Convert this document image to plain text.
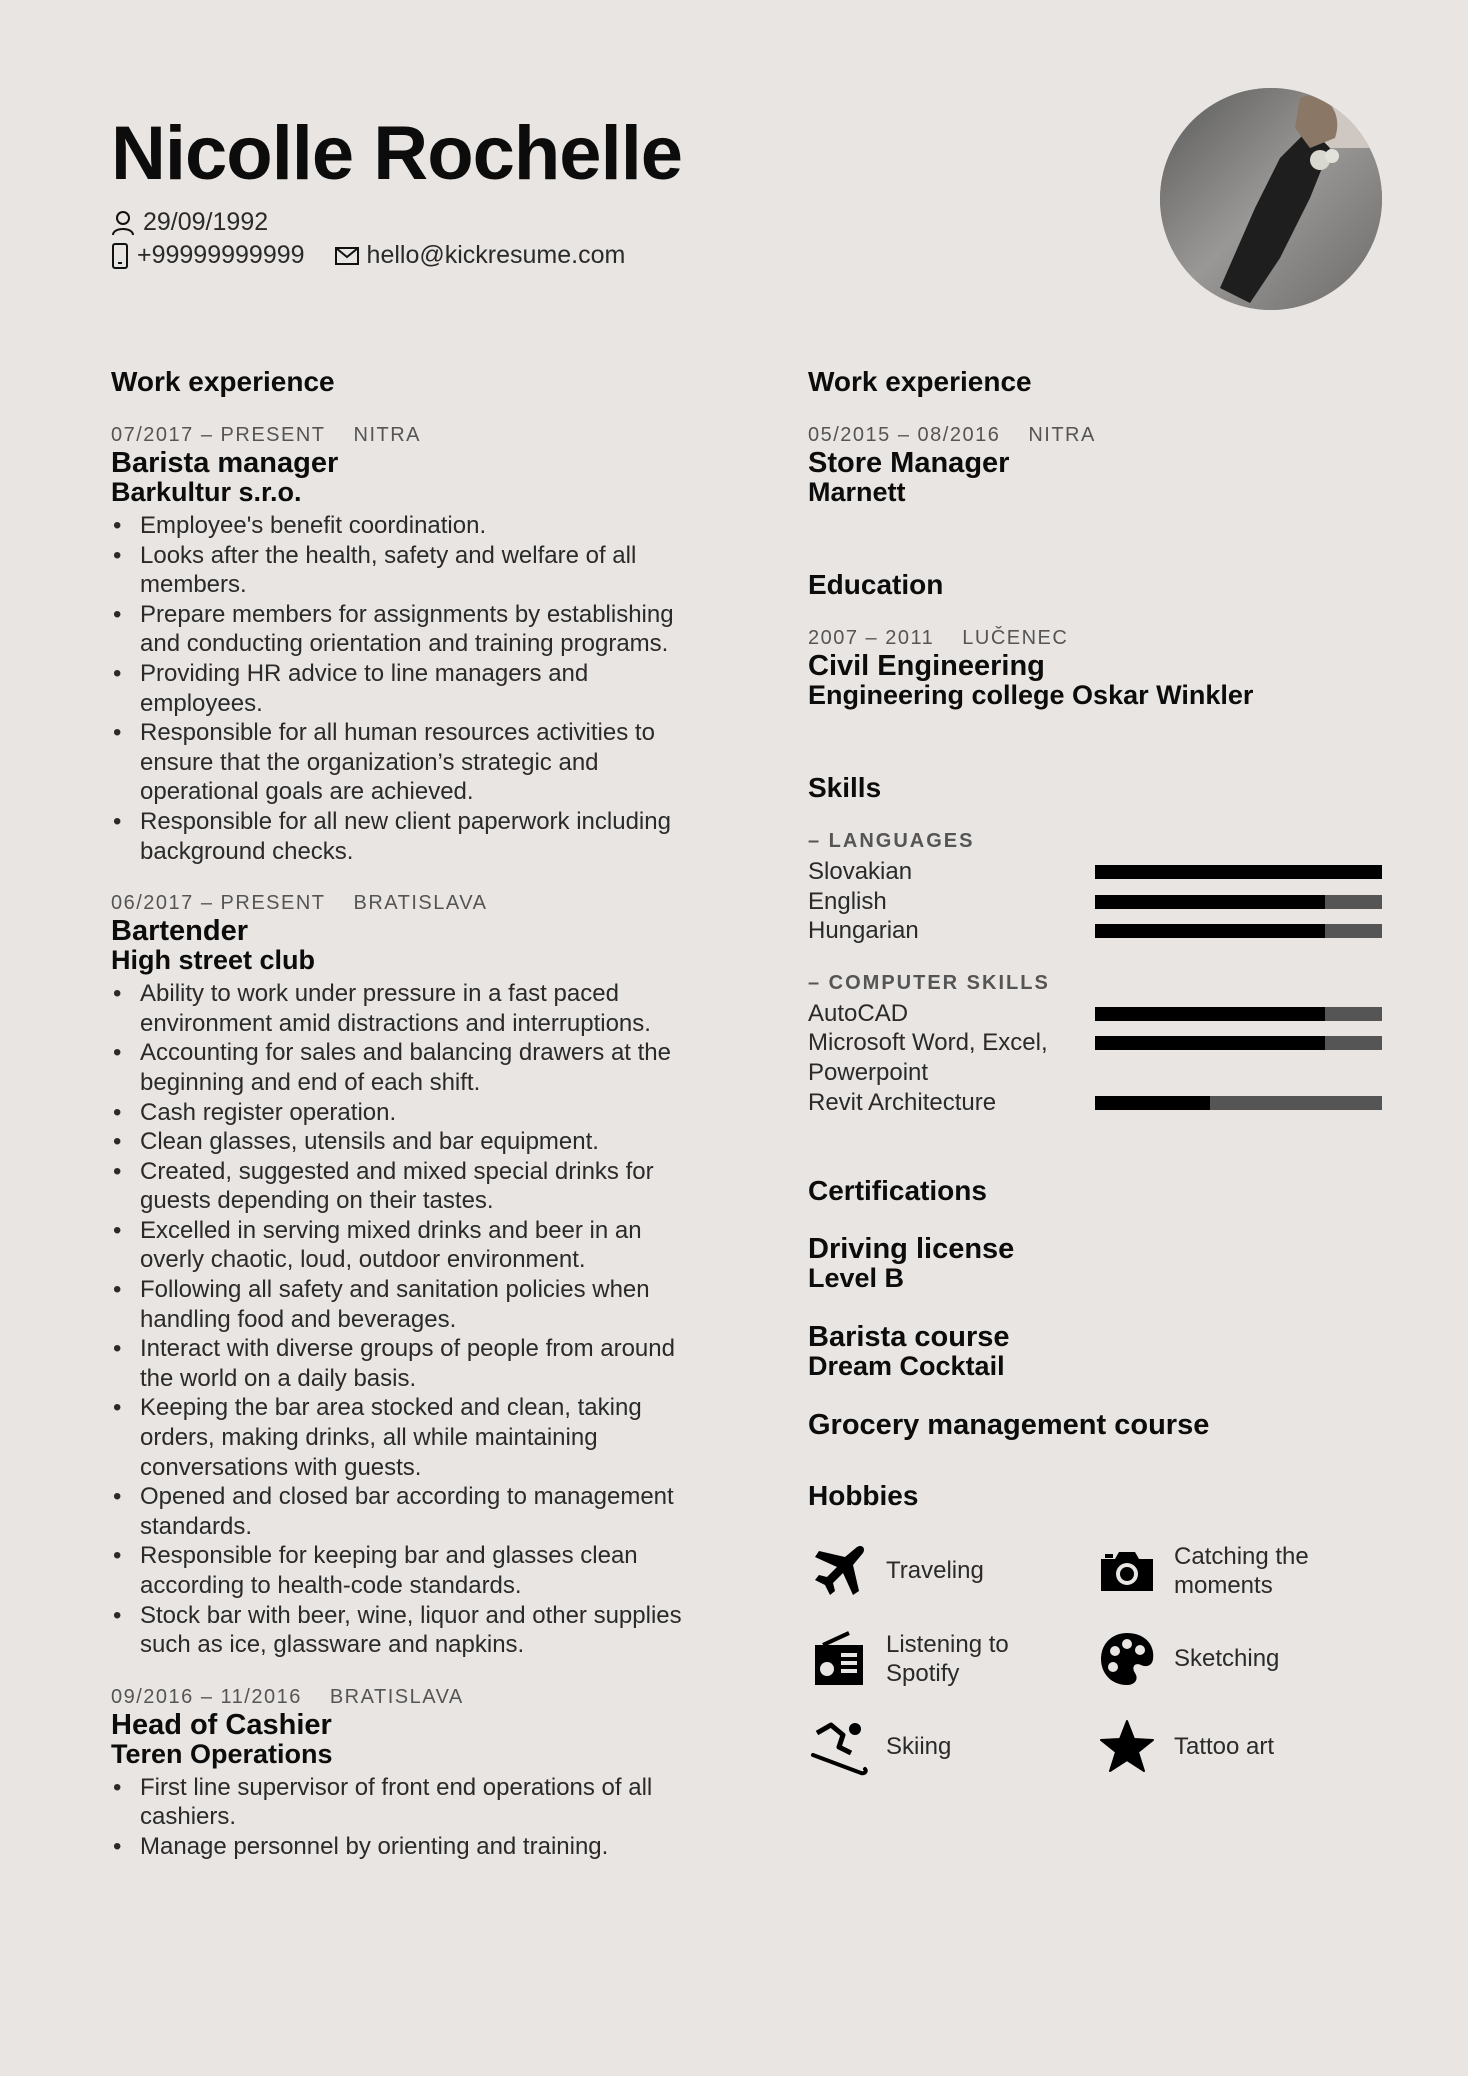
Nicolle Rochelle
29/09/1992
+99999999999 hello@kickresume.com
Work experience
07/2017 – PRESENT NITRA
Barista manager
Barkultur s.r.o.
• Employee's benefit coordination.
• Looks after the health, safety and welfare of all members.
• Prepare members for assignments by establishing and conducting orientation and training programs.
• Providing HR advice to line managers and employees.
• Responsible for all human resources activities to ensure that the organization’s strategic and operational goals are achieved.
• Responsible for all new client paperwork including background checks.
06/2017 – PRESENT BRATISLAVA
Bartender
High street club
• Ability to work under pressure in a fast paced environment amid distractions and interruptions.
• Accounting for sales and balancing drawers at the beginning and end of each shift.
• Cash register operation.
• Clean glasses, utensils and bar equipment.
• Created, suggested and mixed special drinks for guests depending on their tastes.
• Excelled in serving mixed drinks and beer in an overly chaotic, loud, outdoor environment.
• Following all safety and sanitation policies when handling food and beverages.
• Interact with diverse groups of people from around the world on a daily basis.
• Keeping the bar area stocked and clean, taking orders, making drinks, all while maintaining conversations with guests.
• Opened and closed bar according to management standards.
• Responsible for keeping bar and glasses clean according to health-code standards.
• Stock bar with beer, wine, liquor and other supplies such as ice, glassware and napkins.
09/2016 – 11/2016 BRATISLAVA
Head of Cashier
Teren Operations
• First line supervisor of front end operations of all cashiers.
• Manage personnel by orienting and training.
Work experience
05/2015 – 08/2016 NITRA
Store Manager
Marnett
Education
2007 – 2011 LUČENEC
Civil Engineering
Engineering college Oskar Winkler
Skills
– LANGUAGES
Slovakian
English
Hungarian
– COMPUTER SKILLS
AutoCAD
Microsoft Word, Excel, Powerpoint
Revit Architecture
Certifications
Driving license
Level B
Barista course
Dream Cocktail
Grocery management course
Hobbies
Traveling
Catching the moments
Listening to Spotify
Sketching
Skiing	Tattoo art
